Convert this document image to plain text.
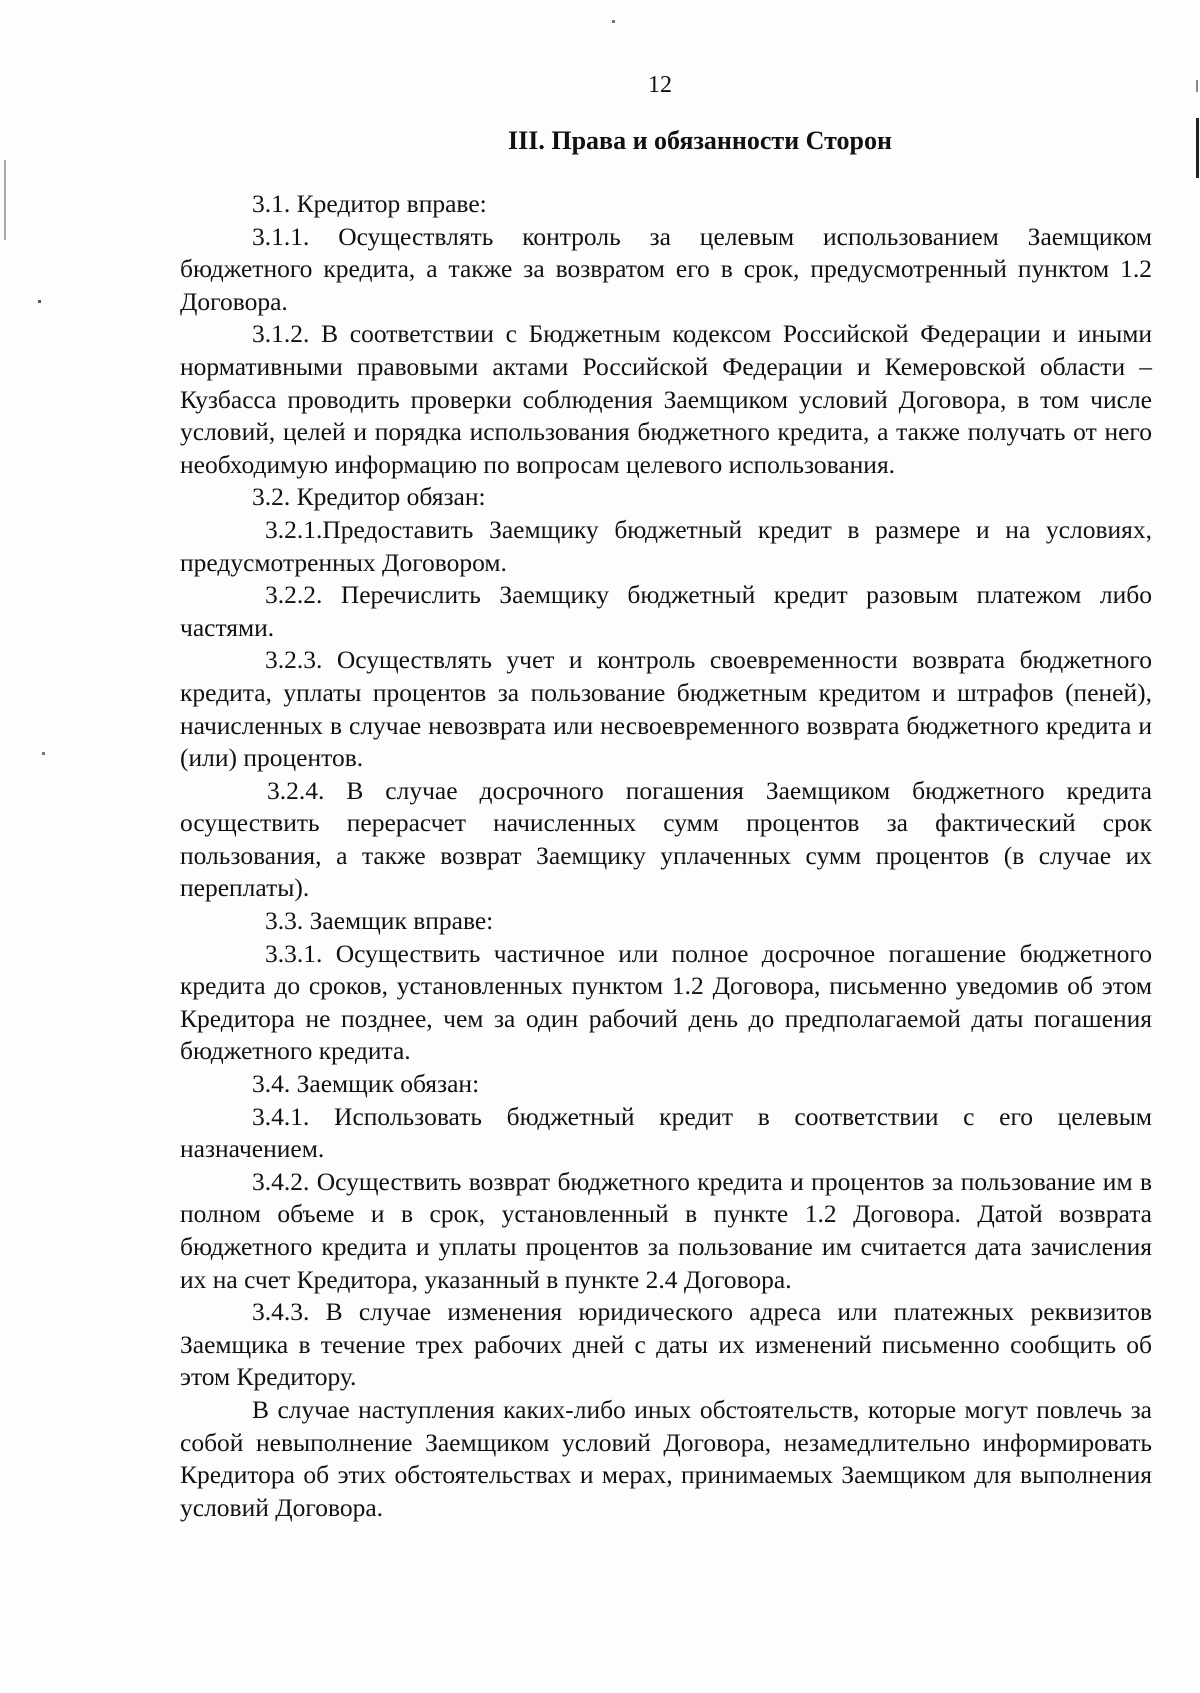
12
III. Права и обязанности Сторон

3.1. Кредитор вправе:

3.1.1. Осуществлять контроль за целевым использованием Заемщиком бюджетного кредита, а также за возвратом его в срок, предусмотренный пунктом 1.2 Договора.

3.1.2. В соответствии с Бюджетным кодексом Российской Федерации и иными нормативными правовыми актами Российской Федерации и Кемеровской области – Кузбасса проводить проверки соблюдения Заемщиком условий Договора, в том числе условий, целей и порядка использования бюджетного кредита, а также получать от него необходимую информацию по вопросам целевого использования.

3.2. Кредитор обязан:

3.2.1.Предоставить Заемщику бюджетный кредит в размере и на условиях, предусмотренных Договором.

3.2.2. Перечислить Заемщику бюджетный кредит разовым платежом либо частями.

3.2.3. Осуществлять учет и контроль своевременности возврата бюджетного кредита, уплаты процентов за пользование бюджетным кредитом и штрафов (пеней), начисленных в случае невозврата или несвоевременного возврата бюджетного кредита и (или) процентов.

3.2.4. В случае досрочного погашения Заемщиком бюджетного кредита осуществить перерасчет начисленных сумм процентов за фактический срок пользования, а также возврат Заемщику уплаченных сумм процентов (в случае их переплаты).

3.3. Заемщик вправе:

3.3.1. Осуществить частичное или полное досрочное погашение бюджетного кредита до сроков, установленных пунктом 1.2 Договора, письменно уведомив об этом Кредитора не позднее, чем за один рабочий день до предполагаемой даты погашения бюджетного кредита.

3.4. Заемщик обязан:

3.4.1. Использовать бюджетный кредит в соответствии с его целевым назначением.

3.4.2. Осуществить возврат бюджетного кредита и процентов за пользование им в полном объеме и в срок, установленный в пункте 1.2 Договора. Датой возврата бюджетного кредита и уплаты процентов за пользование им считается дата зачисления их на счет Кредитора, указанный в пункте 2.4 Договора.

3.4.3. В случае изменения юридического адреса или платежных реквизитов Заемщика в течение трех рабочих дней с даты их изменений письменно сообщить об этом Кредитору.

В случае наступления каких-либо иных обстоятельств, которые могут повлечь за собой невыполнение Заемщиком условий Договора, незамедлительно информировать Кредитора об этих обстоятельствах и мерах, принимаемых Заемщиком для выполнения условий Договора.
